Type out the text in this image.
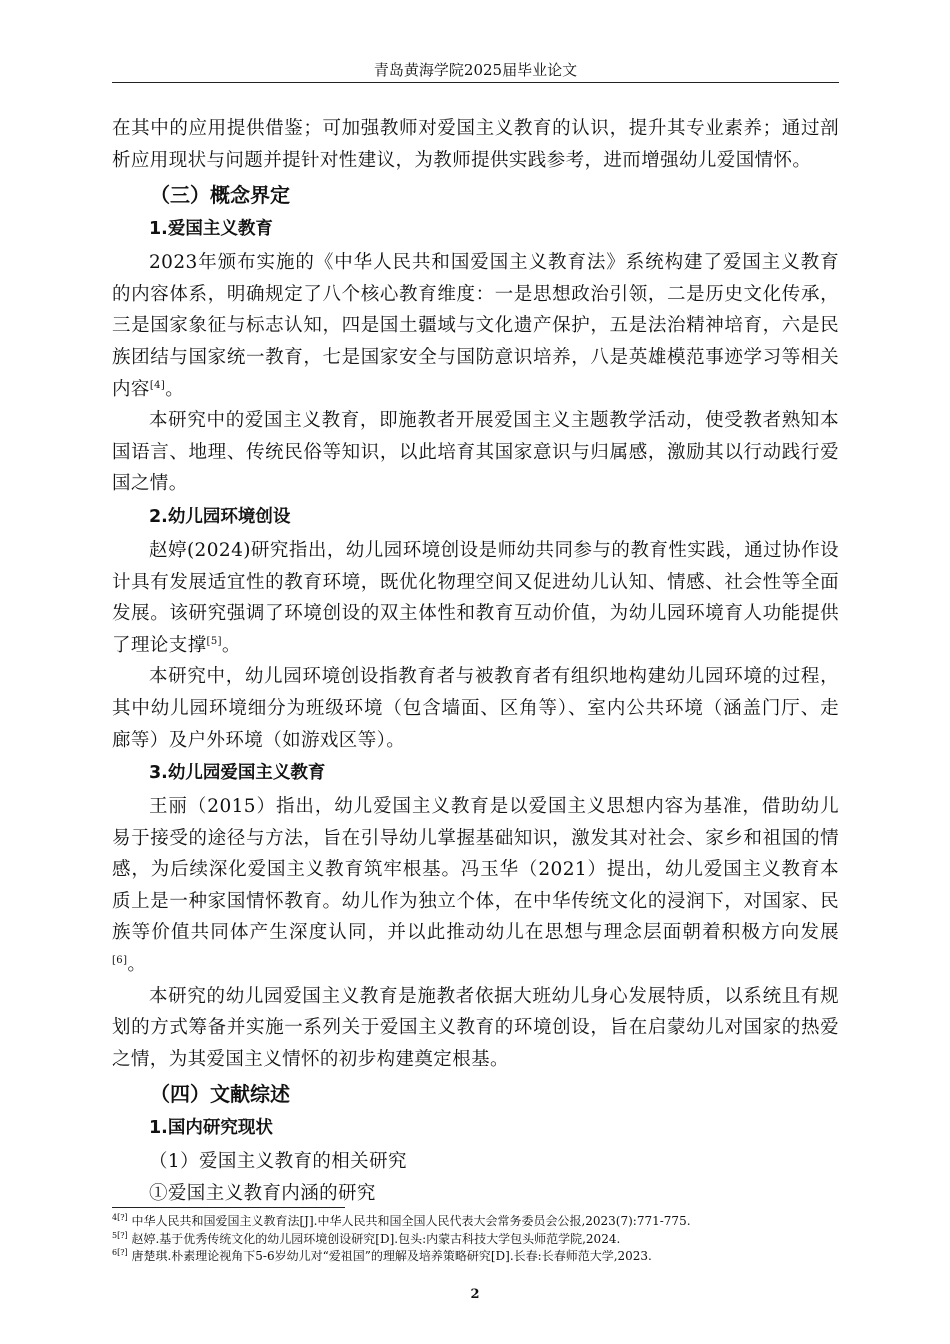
青岛黄海学院2025届毕业论文

在其中的应用提供借鉴；可加强教师对爱国主义教育的认识，提升其专业素养；通过剖析应用现状与问题并提针对性建议，为教师提供实践参考，进而增强幼儿爱国情怀。

（三）概念界定
1.爱国主义教育

2023年颁布实施的《中华人民共和国爱国主义教育法》系统构建了爱国主义教育的内容体系，明确规定了八个核心教育维度：一是思想政治引领，二是历史文化传承，三是国家象征与标志认知，四是国土疆域与文化遗产保护，五是法治精神培育，六是民族团结与国家统一教育，七是国家安全与国防意识培养，八是英雄模范事迹学习等相关内容[4]。

本研究中的爱国主义教育，即施教者开展爱国主义主题教学活动，使受教者熟知本国语言、地理、传统民俗等知识，以此培育其国家意识与归属感，激励其以行动践行爱国之情。

2.幼儿园环境创设

赵婷(2024)研究指出，幼儿园环境创设是师幼共同参与的教育性实践，通过协作设计具有发展适宜性的教育环境，既优化物理空间又促进幼儿认知、情感、社会性等全面发展。该研究强调了环境创设的双主体性和教育互动价值，为幼儿园环境育人功能提供了理论支撑[5]。

本研究中，幼儿园环境创设指教育者与被教育者有组织地构建幼儿园环境的过程，其中幼儿园环境细分为班级环境（包含墙面、区角等）、室内公共环境（涵盖门厅、走廊等）及户外环境（如游戏区等）。

3.幼儿园爱国主义教育

王丽（2015）指出，幼儿爱国主义教育是以爱国主义思想内容为基准，借助幼儿易于接受的途径与方法，旨在引导幼儿掌握基础知识，激发其对社会、家乡和祖国的情感，为后续深化爱国主义教育筑牢根基。冯玉华（2021）提出，幼儿爱国主义教育本质上是一种家国情怀教育。幼儿作为独立个体，在中华传统文化的浸润下，对国家、民族等价值共同体产生深度认同，并以此推动幼儿在思想与理念层面朝着积极方向发展 [6]。

本研究的幼儿园爱国主义教育是施教者依据大班幼儿身心发展特质，以系统且有规划的方式筹备并实施一系列关于爱国主义教育的环境创设，旨在启蒙幼儿对国家的热爱之情，为其爱国主义情怀的初步构建奠定根基。

（四）文献综述
1.国内研究现状
（1）爱国主义教育的相关研究
①爱国主义教育内涵的研究
$^{4[?]}$ 中华人民共和国爱国主义教育法[J].中华人民共和国全国人民代表大会常务委员会公报,2023(7):771-775.
$^{5[?]}$ 赵婷.基于优秀传统文化的幼儿园环境创设研究[D].包头:内蒙古科技大学包头师范学院,2024.
$^{6[?]}$ 唐楚琪.朴素理论视角下5-6岁幼儿对“爱祖国”的理解及培养策略研究[D].长春:长春师范大学,2023.
2
